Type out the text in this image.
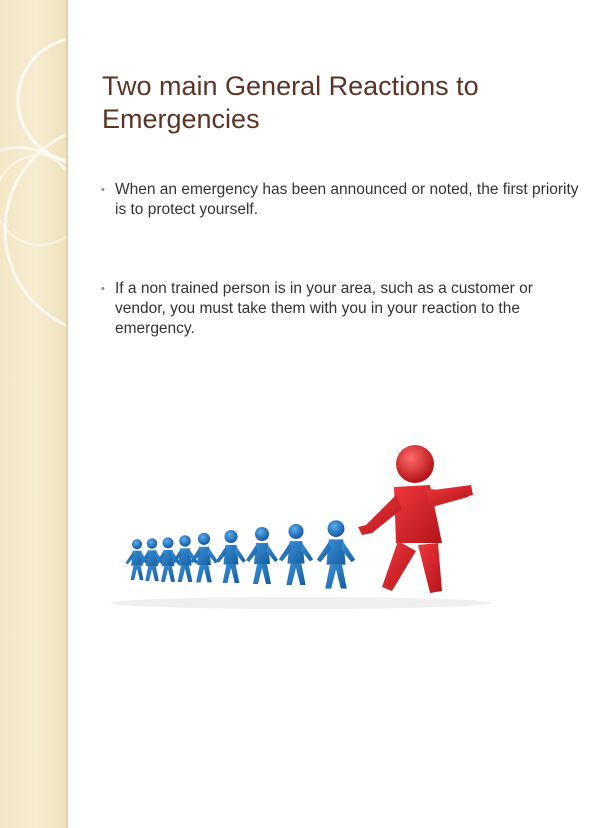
Two main General Reactions to Emergencies
• When an emergency has been announced or noted, the first priority is to protect yourself.
• If a non trained person is in your area, such as a customer or vendor, you must take them with you in your reaction to the emergency.
